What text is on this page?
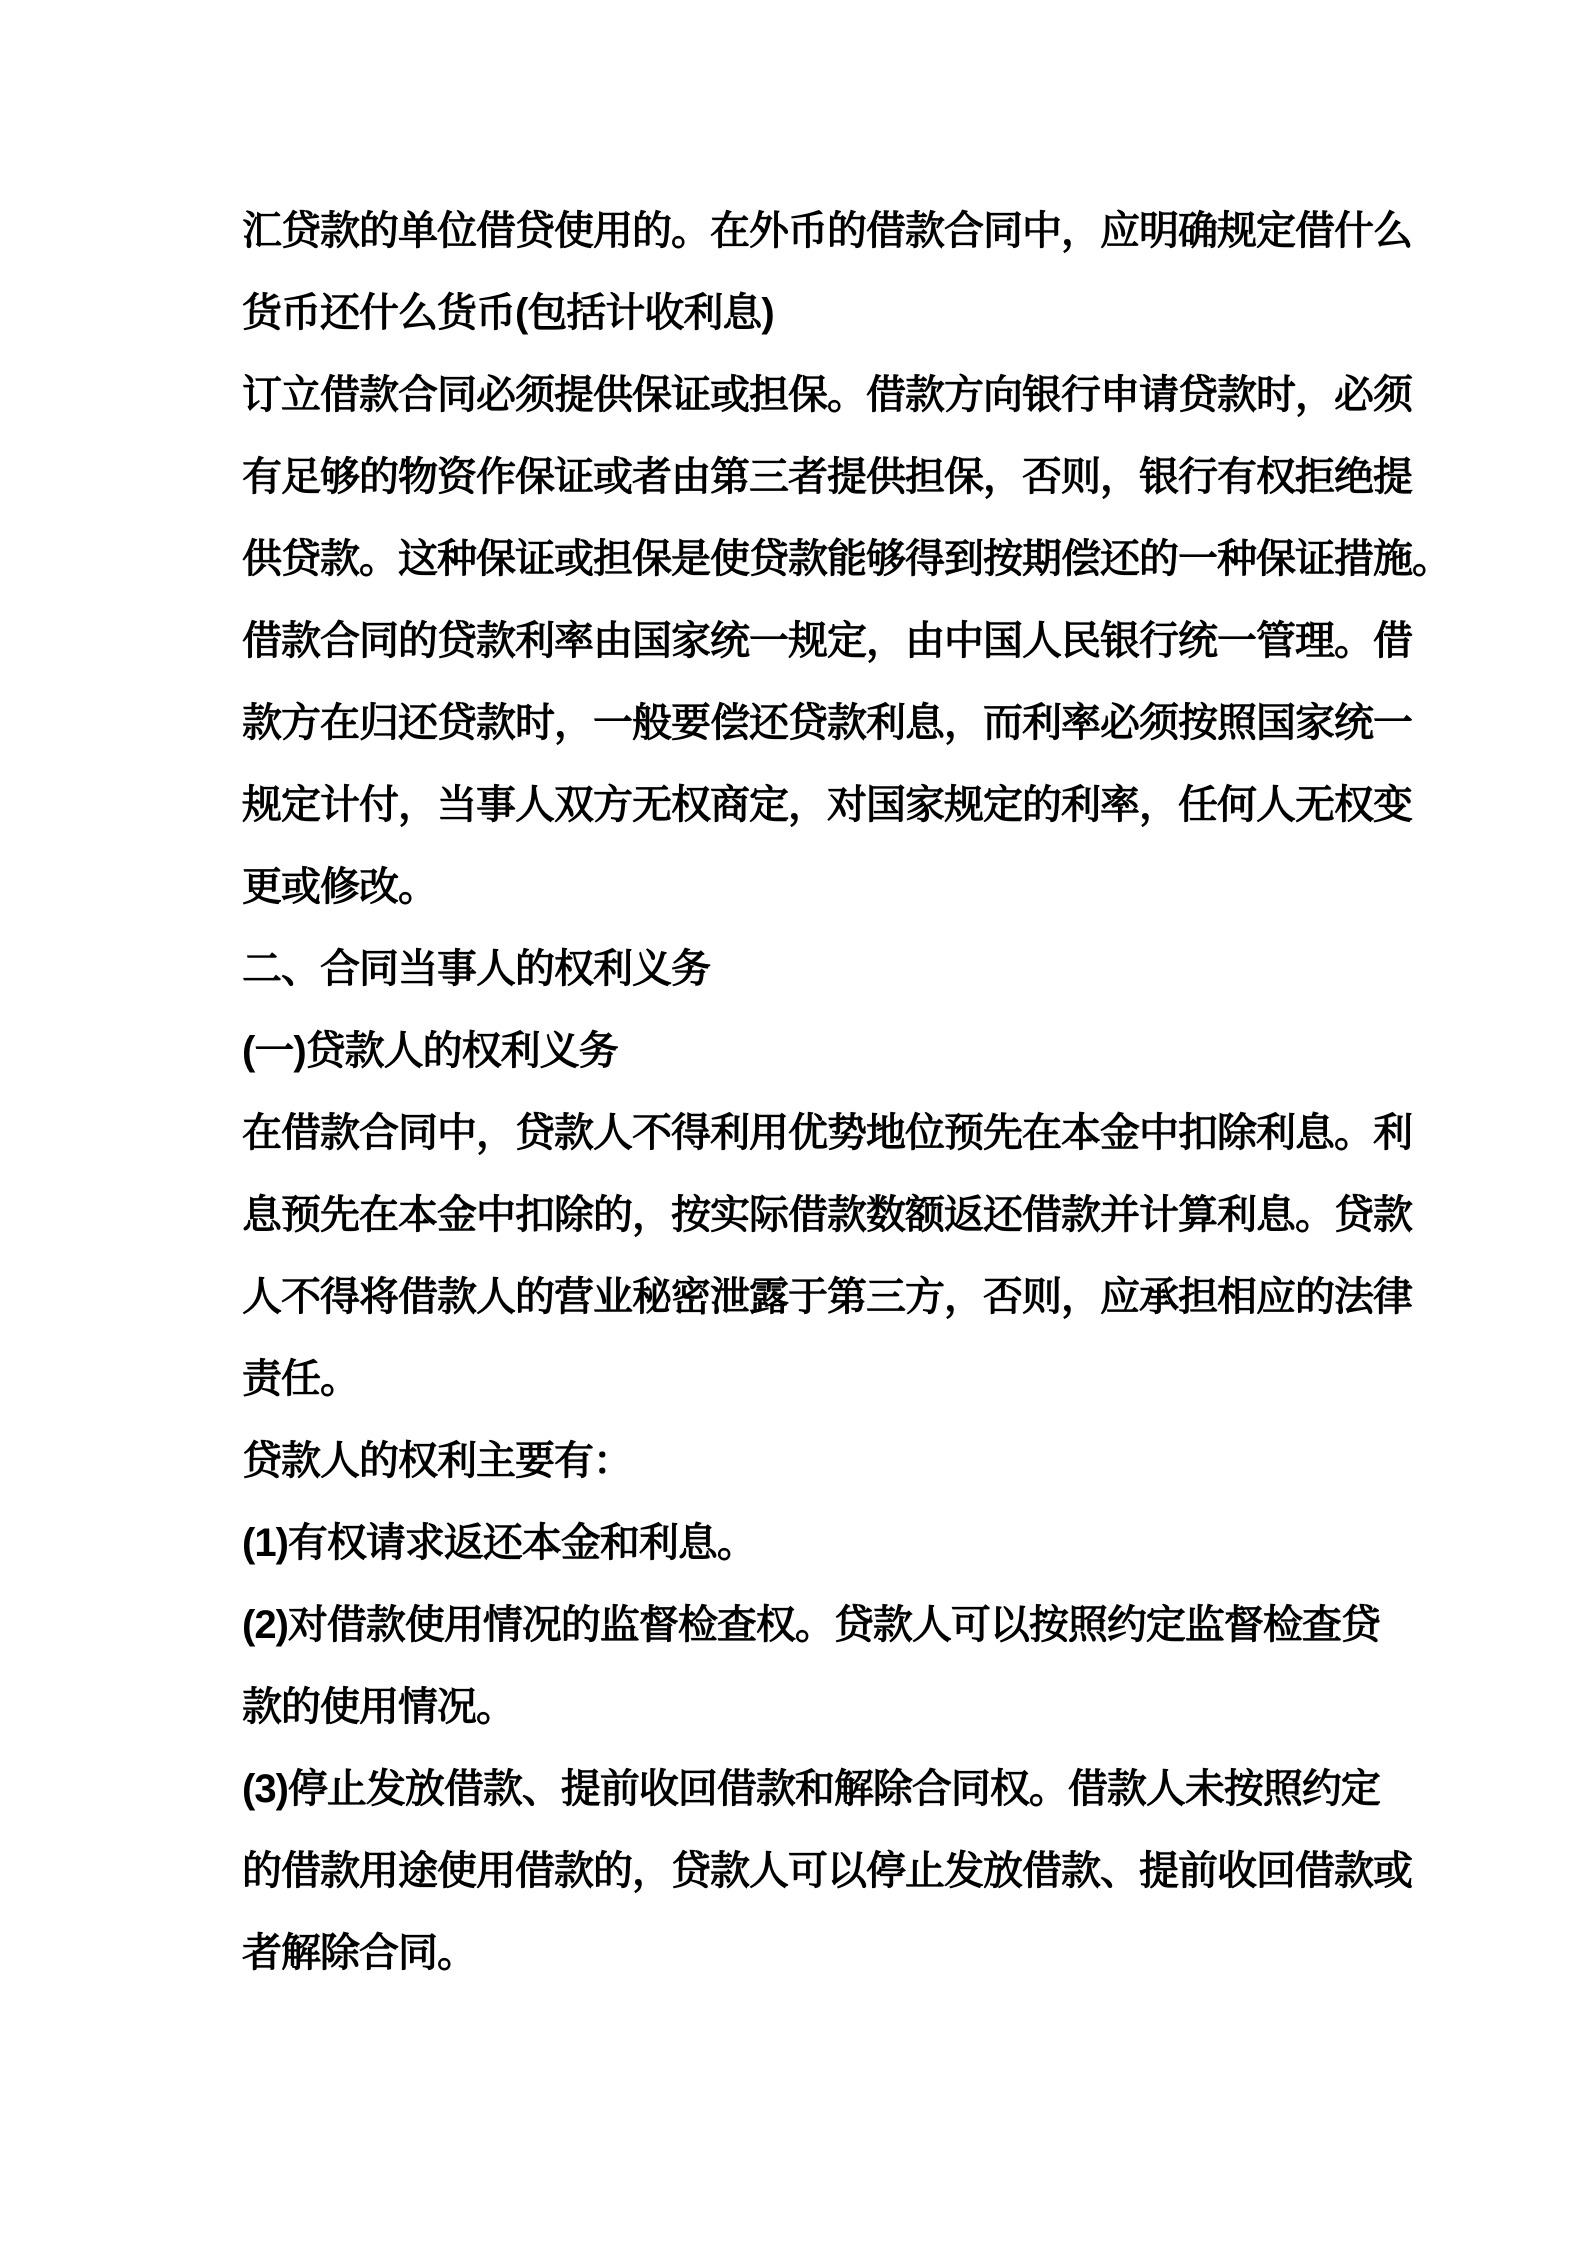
汇贷款的单位借贷使用的。在外币的借款合同中，应明确规定借什么
货币还什么货币(包括计收利息)
订立借款合同必须提供保证或担保。借款方向银行申请贷款时，必须
有足够的物资作保证或者由第三者提供担保，否则，银行有权拒绝提
供贷款。这种保证或担保是使贷款能够得到按期偿还的一种保证措施。
借款合同的贷款利率由国家统一规定，由中国人民银行统一管理。借
款方在归还贷款时，一般要偿还贷款利息，而利率必须按照国家统一
规定计付，当事人双方无权商定，对国家规定的利率，任何人无权变
更或修改。
二、合同当事人的权利义务
(一)贷款人的权利义务
在借款合同中，贷款人不得利用优势地位预先在本金中扣除利息。利
息预先在本金中扣除的，按实际借款数额返还借款并计算利息。贷款
人不得将借款人的营业秘密泄露于第三方，否则，应承担相应的法律
责任。
贷款人的权利主要有：
(1)有权请求返还本金和利息。
(2)对借款使用情况的监督检查权。贷款人可以按照约定监督检查贷
款的使用情况。
(3)停止发放借款、提前收回借款和解除合同权。借款人未按照约定
的借款用途使用借款的，贷款人可以停止发放借款、提前收回借款或
者解除合同。
